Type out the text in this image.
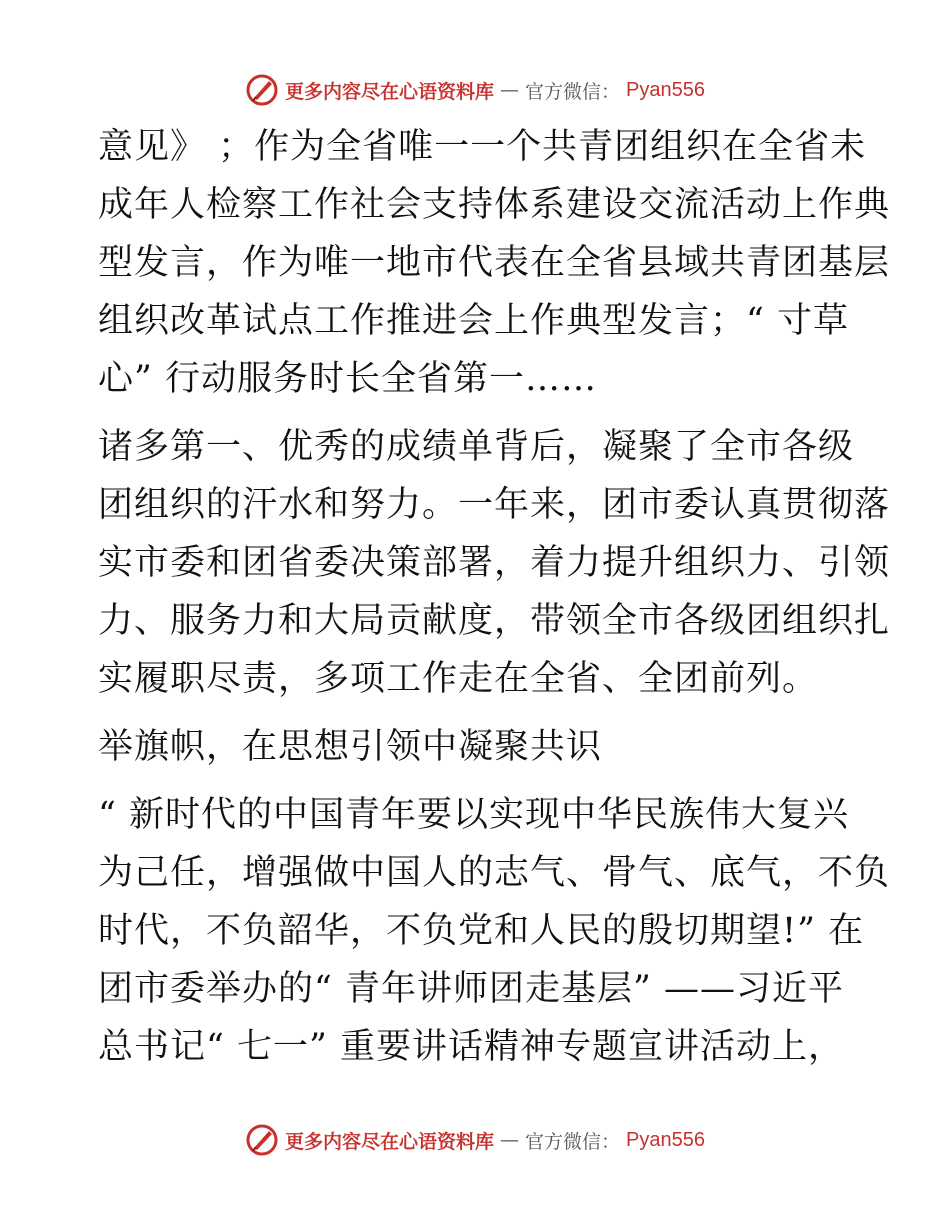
更多内容尽在心语资料库 — 官方微信： Pyan556
意见》 ；作为全省唯一一个共青团组织在全省未
成年人检察工作社会支持体系建设交流活动上作典
型发言，作为唯一地市代表在全省县域共青团基层
组织改革试点工作推进会上作典型发言；“ 寸草
心” 行动服务时长全省第一……
诸多第一、优秀的成绩单背后，凝聚了全市各级
团组织的汗水和努力。一年来，团市委认真贯彻落
实市委和团省委决策部署，着力提升组织力、引领
力、服务力和大局贡献度，带领全市各级团组织扎
实履职尽责，多项工作走在全省、全团前列。
举旗帜，在思想引领中凝聚共识
“ 新时代的中国青年要以实现中华民族伟大复兴
为己任，增强做中国人的志气、骨气、底气，不负
时代，不负韶华，不负党和人民的殷切期望!” 在
团市委举办的“ 青年讲师团走基层” ——习近平
总书记“ 七一” 重要讲话精神专题宣讲活动上，
更多内容尽在心语资料库 — 官方微信： Pyan556
